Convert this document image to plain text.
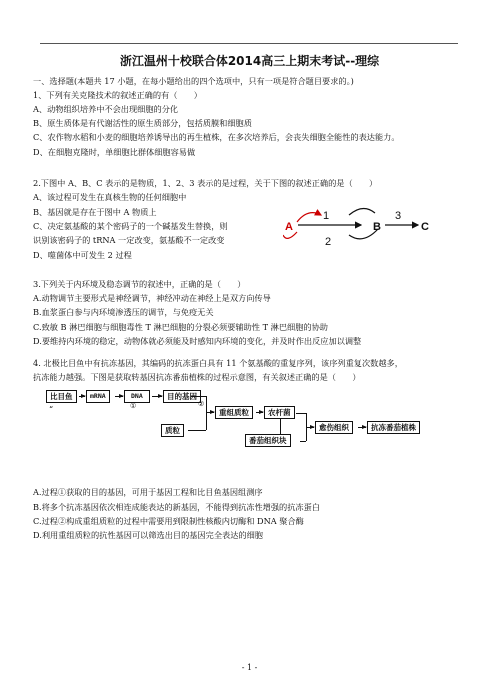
浙江温州十校联合体2014高三上期末考试--理综
一、选择题(本题共 17 小题，在每小题给出的四个选项中，只有一项是符合题目要求的。)
1、下列有关克隆技术的叙述正确的有（　　）
A、动物组织培养中不会出现细胞的分化
B、原生质体是有代谢活性的原生质部分，包括质膜和细胞质
C、农作物水稻和小麦的细胞培养诱导出的再生植株，在多次培养后，会丧失细胞全能性的表达能力。
D、在细胞克隆时，单细胞比群体细胞容易做
2.下图中 A、B、C 表示的是物质，1、2、3 表示的是过程，关于下图的叙述正确的是（　　）
A、该过程可发生在真核生物的任何细胞中
B、基因就是存在于图中 A 物质上
C、决定氨基酸的某个密码子的一个碱基发生替换，则
识别该密码子的 tRNA 一定改变，氨基酸不一定改变
D、噬菌体中可发生 2 过程
A
1
2
B
3
C
3.下列关于内环境及稳态调节的叙述中，正确的是（　　）
A.动物调节主要形式是神经调节，神经冲动在神经上是双方向传导
B.血浆蛋白参与内环境渗透压的调节，与免疫无关
C.致敏 B 淋巴细胞与细胞毒性 T 淋巴细胞的分裂必须要辅助性 T 淋巴细胞的协助
D.要维持内环境的稳定，动物体就必须能及时感知内环境的变化，并及时作出反应加以调整
4. 北极比目鱼中有抗冻基因，其编码的抗冻蛋白具有 11 个氨基酸的重复序列，该序列重复次数越多，
抗冻能力越强。下图是获取转基因抗冻番茄植株的过程示意图，有关叙述正确的是（　　）
比目鱼	mRNA	DNA	目的基因
①
“
质粒
②
重组质粒	农杆菌
番茄组织块
愈伤组织	抗冻番茄植株
A.过程①获取的目的基因，可用于基因工程和比目鱼基因组测序
B.将多个抗冻基因依次相连成能表达的新基因，不能得到抗冻性增强的抗冻蛋白
C.过程②构成重组质粒的过程中需要用到限制性核酸内切酶和 DNA 聚合酶
D.利用重组质粒的抗性基因可以筛选出目的基因完全表达的细胞
- 1 -
